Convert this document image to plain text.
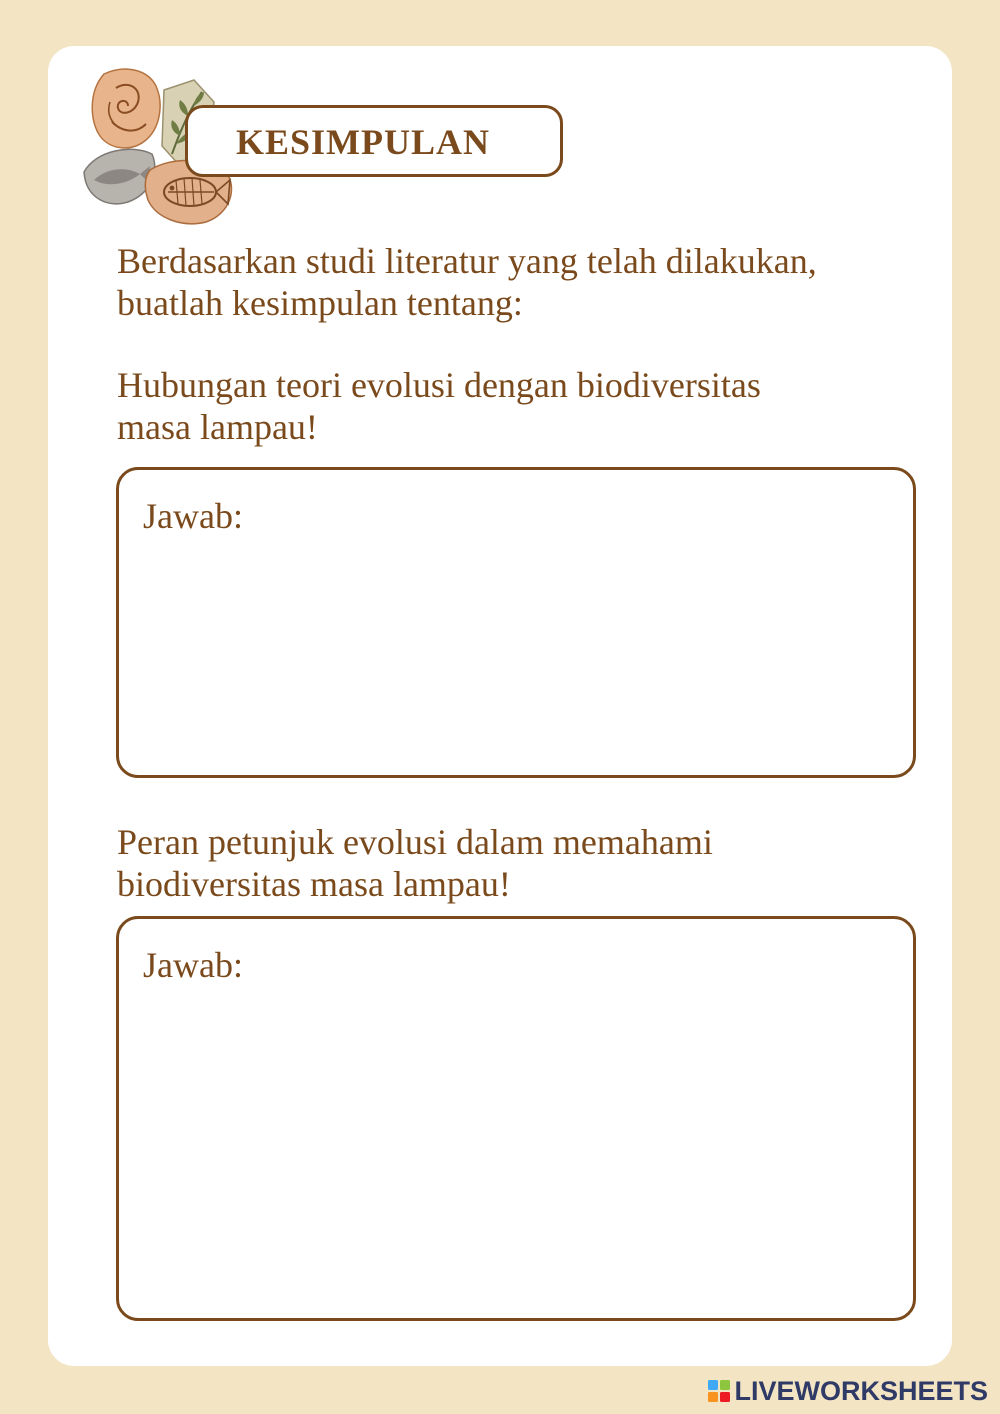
KESIMPULAN

Berdasarkan studi literatur yang telah dilakukan,

buatlah kesimpulan tentang:

Hubungan teori evolusi dengan biodiversitas

masa lampau!

Jawab:

Peran petunjuk evolusi dalam memahami

biodiversitas masa lampau!

Jawab:
LIVEWORKSHEETS
